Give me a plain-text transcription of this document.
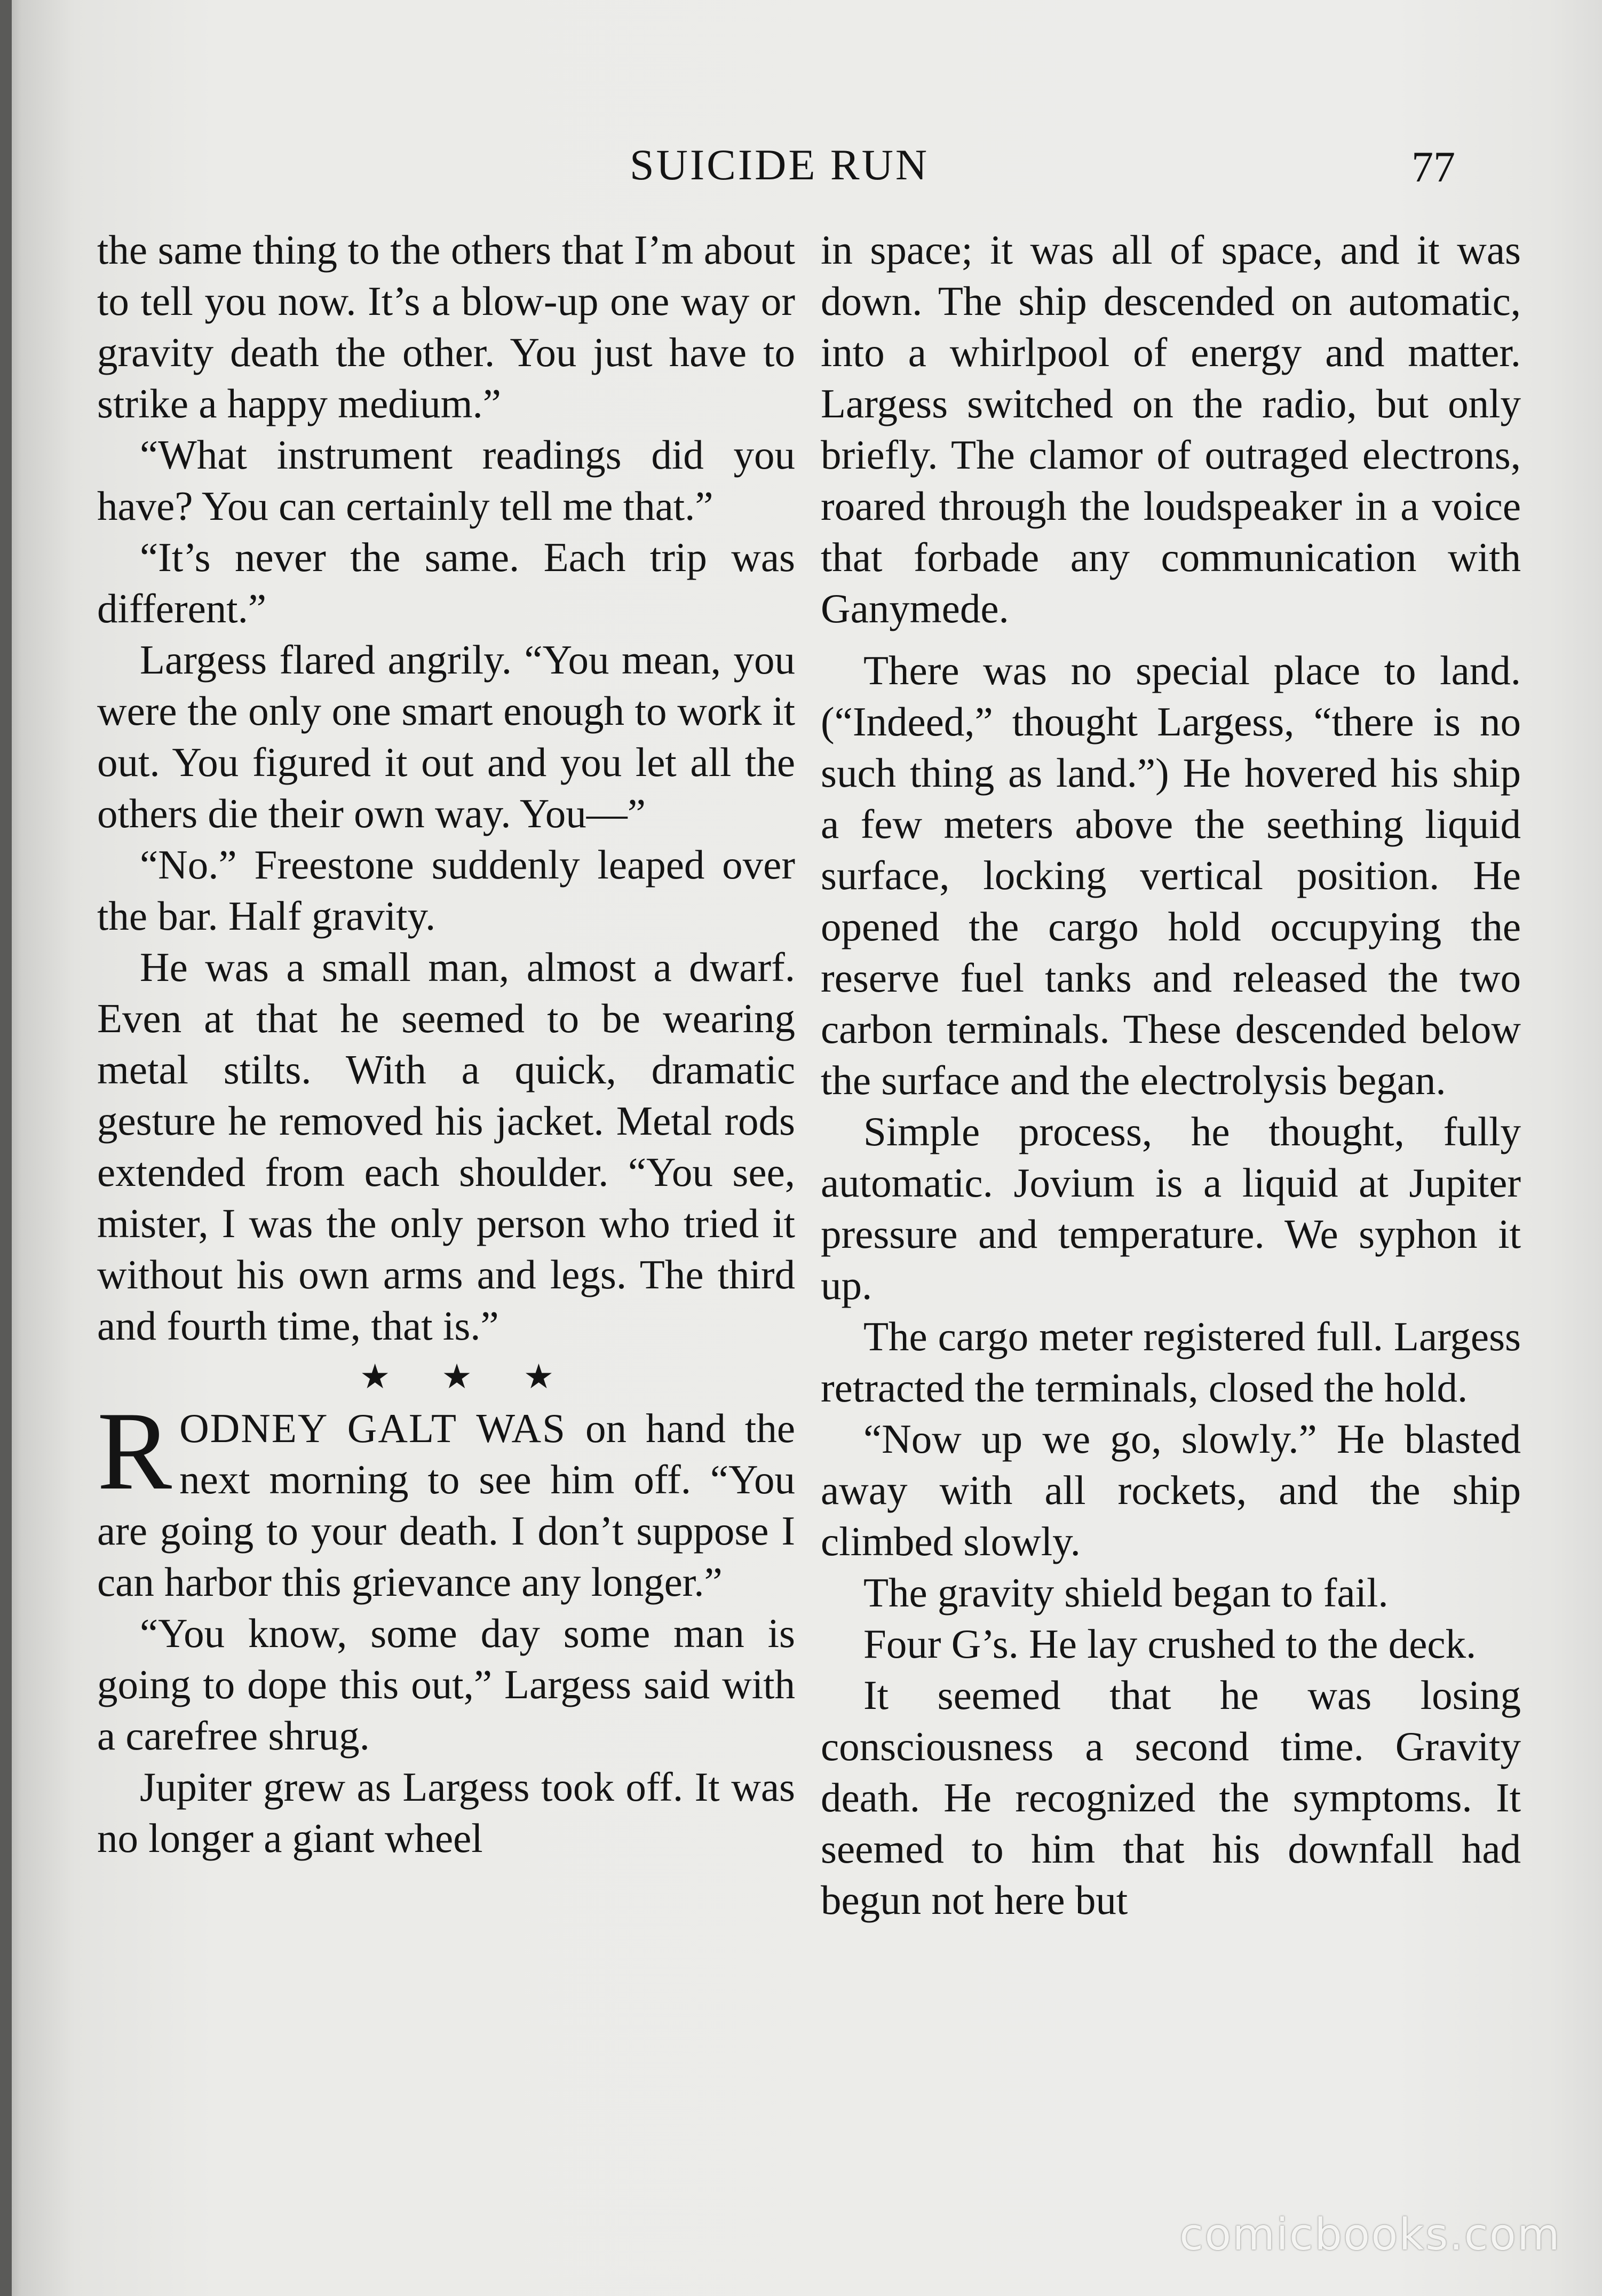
SUICIDE RUN	77

the same thing to the others that I’m about to tell you now. It’s a blow-up one way or gravity death the other. You just have to strike a happy medium.”

“What instrument readings did you have? You can certainly tell me that.”

“It’s never the same. Each trip was different.”

Largess flared angrily. “You mean, you were the only one smart enough to work it out. You figured it out and you let all the others die their own way. You—”

“No.” Freestone suddenly leaped over the bar. Half gravity.

He was a small man, almost a dwarf. Even at that he seemed to be wearing metal stilts. With a quick, dramatic gesture he removed his jacket. Metal rods extended from each shoulder. “You see, mister, I was the only person who tried it without his own arms and legs. The third and fourth time, that is.”

★ ★ ★

RODNEY GALT WAS on hand the next morning to see him off. “You are going to your death. I don’t suppose I can harbor this grievance any longer.”

“You know, some day some man is going to dope this out,” Largess said with a carefree shrug.

Jupiter grew as Largess took off. It was no longer a giant wheel

in space; it was all of space, and it was down. The ship descended on automatic, into a whirlpool of energy and matter. Largess switched on the radio, but only briefly. The clamor of outraged electrons, roared through the loudspeaker in a voice that forbade any communication with Ganymede.

There was no special place to land. (“Indeed,” thought Largess, “there is no such thing as land.”) He hovered his ship a few meters above the seething liquid surface, locking vertical position. He opened the cargo hold occupying the reserve fuel tanks and released the two carbon terminals. These descended below the surface and the electrolysis began.

Simple process, he thought, fully automatic. Jovium is a liquid at Jupiter pressure and temperature. We syphon it up.

The cargo meter registered full. Largess retracted the terminals, closed the hold.

“Now up we go, slowly.” He blasted away with all rockets, and the ship climbed slowly.

The gravity shield began to fail.

Four G’s. He lay crushed to the deck.

It seemed that he was losing consciousness a second time. Gravity death. He recognized the symptoms. It seemed to him that his downfall had begun not here but

comicbooks.com
